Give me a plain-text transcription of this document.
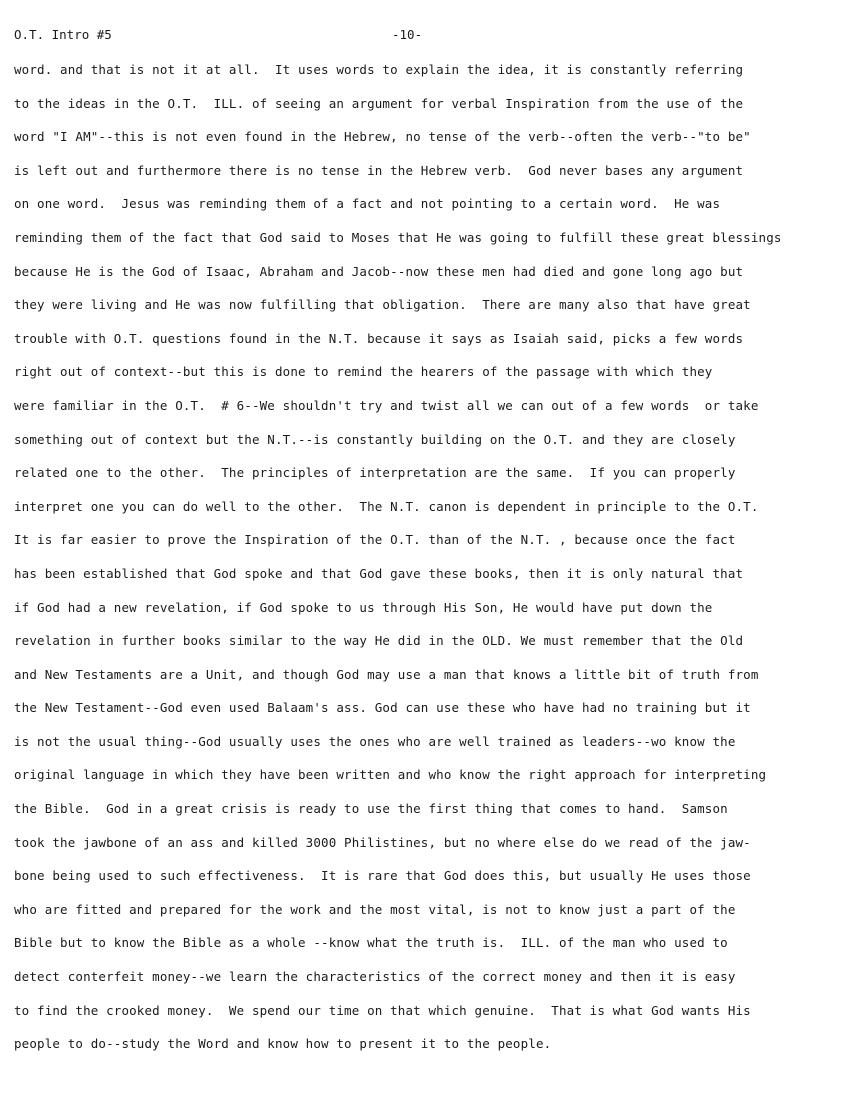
O.T. Intro #5	-10-
word. and that is not it at all.  It uses words to explain the idea, it is constantly referring
to the ideas in the O.T.  ILL. of seeing an argument for verbal Inspiration from the use of the
word "I AM"--this is not even found in the Hebrew, no tense of the verb--often the verb--"to be"
is left out and furthermore there is no tense in the Hebrew verb.  God never bases any argument
on one word.  Jesus was reminding them of a fact and not pointing to a certain word.  He was
reminding them of the fact that God said to Moses that He was going to fulfill these great blessings
because He is the God of Isaac, Abraham and Jacob--now these men had died and gone long ago but
they were living and He was now fulfilling that obligation.  There are many also that have great
trouble with O.T. questions found in the N.T. because it says as Isaiah said, picks a few words
right out of context--but this is done to remind the hearers of the passage with which they
were familiar in the O.T.  # 6--We shouldn't try and twist all we can out of a few words  or take
something out of context but the N.T.--is constantly building on the O.T. and they are closely
related one to the other.  The principles of interpretation are the same.  If you can properly
interpret one you can do well to the other.  The N.T. canon is dependent in principle to the O.T.
It is far easier to prove the Inspiration of the O.T. than of the N.T. , because once the fact
has been established that God spoke and that God gave these books, then it is only natural that
if God had a new revelation, if God spoke to us through His Son, He would have put down the
revelation in further books similar to the way He did in the OLD. We must remember that the Old
and New Testaments are a Unit, and though God may use a man that knows a little bit of truth from
the New Testament--God even used Balaam's ass. God can use these who have had no training but it
is not the usual thing--God usually uses the ones who are well trained as leaders--wo know the
original language in which they have been written and who know the right approach for interpreting
the Bible.  God in a great crisis is ready to use the first thing that comes to hand.  Samson
took the jawbone of an ass and killed 3000 Philistines, but no where else do we read of the jaw-
bone being used to such effectiveness.  It is rare that God does this, but usually He uses those
who are fitted and prepared for the work and the most vital, is not to know just a part of the
Bible but to know the Bible as a whole --know what the truth is.  ILL. of the man who used to
detect conterfeit money--we learn the characteristics of the correct money and then it is easy
to find the crooked money.  We spend our time on that which genuine.  That is what God wants His
people to do--study the Word and know how to present it to the people.
